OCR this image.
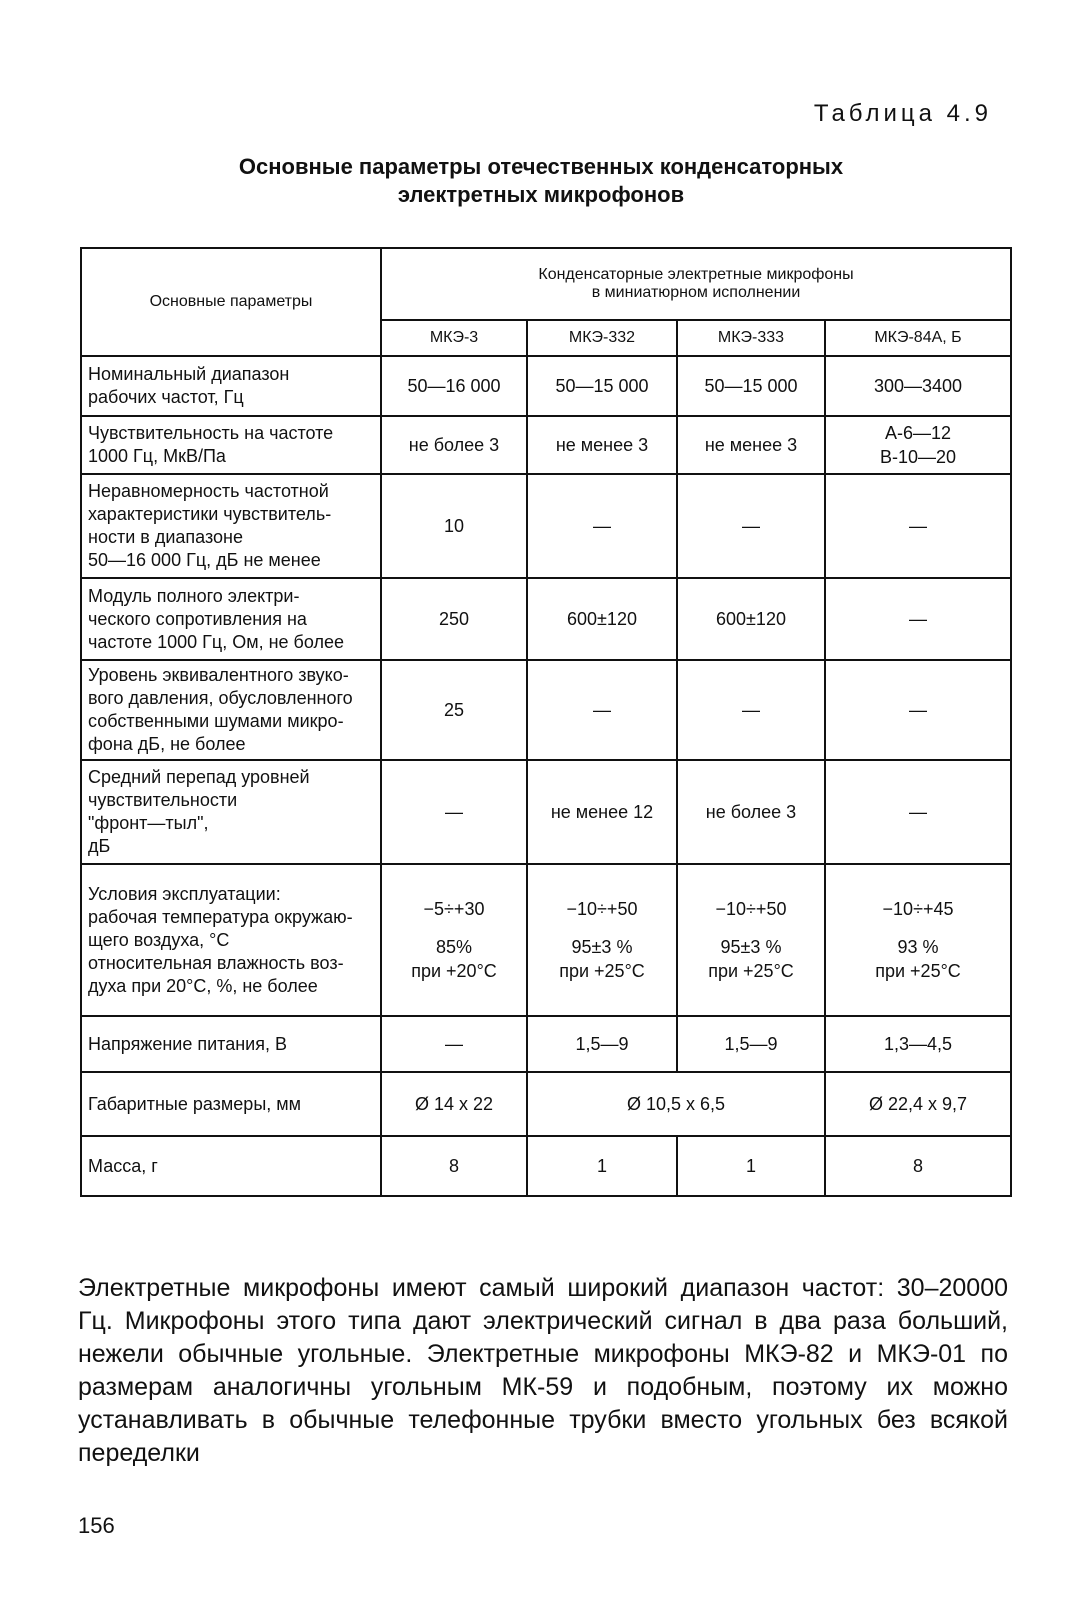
Таблица 4.9
Основные параметры отечественных конденсаторных
электретных микрофонов
Основные параметры	Конденсаторные электретные микрофоны
в миниатюрном исполнении			

	МКЭ-3	МКЭ-332	МКЭ-333	МКЭ-84А, Б

Номинальный диапазон
рабочих частот, Гц	50—16 000	50—15 000	50—15 000	300—3400

Чувствительность на частоте
1000 Гц, МкВ/Па	не более 3	не менее 3	не менее 3	А-6—12
В-10—20

Неравномерность частотной
характеристики чувствитель-
ности в диапазоне
50—16 000 Гц, дБ не менее	10	—	—	—

Модуль полного электри-
ческого сопротивления на
частоте 1000 Гц, Ом, не более	250	600±120	600±120	—

Уровень эквивалентного звуко-
вого давления, обусловленного
собственными шумами микро-
фона дБ, не более	25	—	—	—

Средний перепад уровней
чувствительности
"фронт—тыл",
дБ	—	не менее 12	не более 3	—

Условия эксплуатации:
рабочая температура окружаю-
щего воздуха, °С
относительная влажность воз-
духа при 20°С, %, не более	−5÷+30
85%
при +20°С	−10÷+50
95±3 %
при +25°С	−10÷+50
95±3 %
при +25°С	−10÷+45
93 %
при +25°С

Напряжение питания, В	—	1,5—9	1,5—9	1,3—4,5

Габаритные размеры, мм	Ø 14 x 22	Ø 10,5 x 6,5		Ø 22,4 x 9,7
Масса, г	8	1	1	8
Электретные микрофоны имеют самый широкий диапазон частот: 30–20000 Гц. Микрофоны этого типа дают электрический сигнал в два раза больший, нежели обычные угольные. Электретные микрофоны МКЭ-82 и МКЭ-01 по размерам аналогичны угольным МК-59 и подобным, поэтому их можно устанавливать в обычные телефонные трубки вместо угольных без всякой переделки
156
